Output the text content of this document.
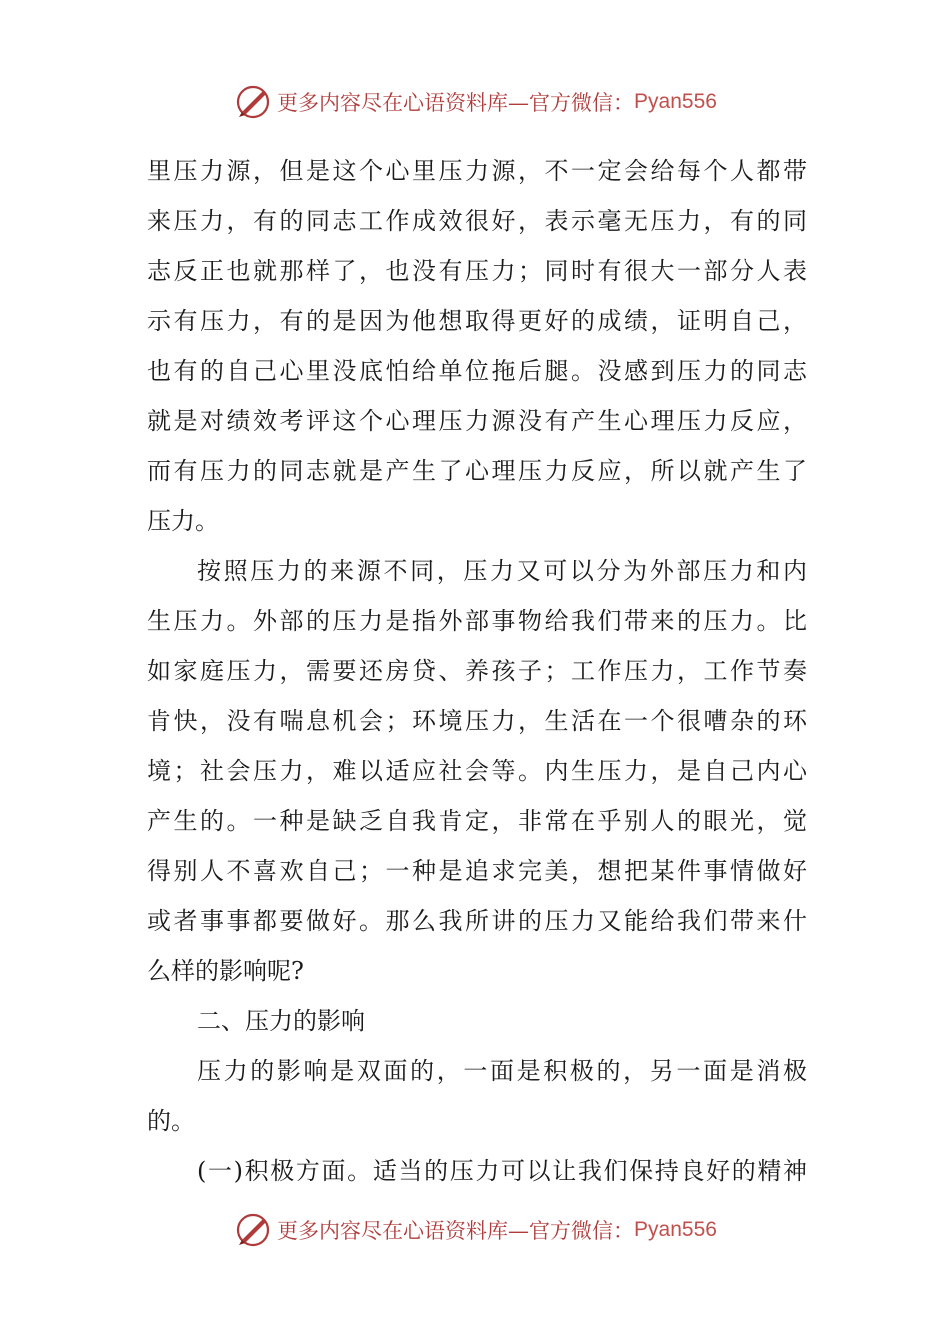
更多内容尽在心语资料库—官方微信： Pyan556
里压力源，但是这个心里压力源，不一定会给每个人都带
来压力，有的同志工作成效很好，表示毫无压力，有的同
志反正也就那样了，也没有压力；同时有很大一部分人表
示有压力，有的是因为他想取得更好的成绩，证明自己，
也有的自己心里没底怕给单位拖后腿。没感到压力的同志
就是对绩效考评这个心理压力源没有产生心理压力反应，
而有压力的同志就是产生了心理压力反应，所以就产生了
压力。
按照压力的来源不同，压力又可以分为外部压力和内
生压力。外部的压力是指外部事物给我们带来的压力。比
如家庭压力，需要还房贷、养孩子；工作压力，工作节奏
肯快，没有喘息机会；环境压力，生活在一个很嘈杂的环
境；社会压力，难以适应社会等。内生压力，是自己内心
产生的。一种是缺乏自我肯定，非常在乎别人的眼光，觉
得别人不喜欢自己；一种是追求完美，想把某件事情做好
或者事事都要做好。那么我所讲的压力又能给我们带来什
么样的影响呢?
二、压力的影响
压力的影响是双面的，一面是积极的，另一面是消极
的。
(一)积极方面。适当的压力可以让我们保持良好的精神
更多内容尽在心语资料库—官方微信： Pyan556
